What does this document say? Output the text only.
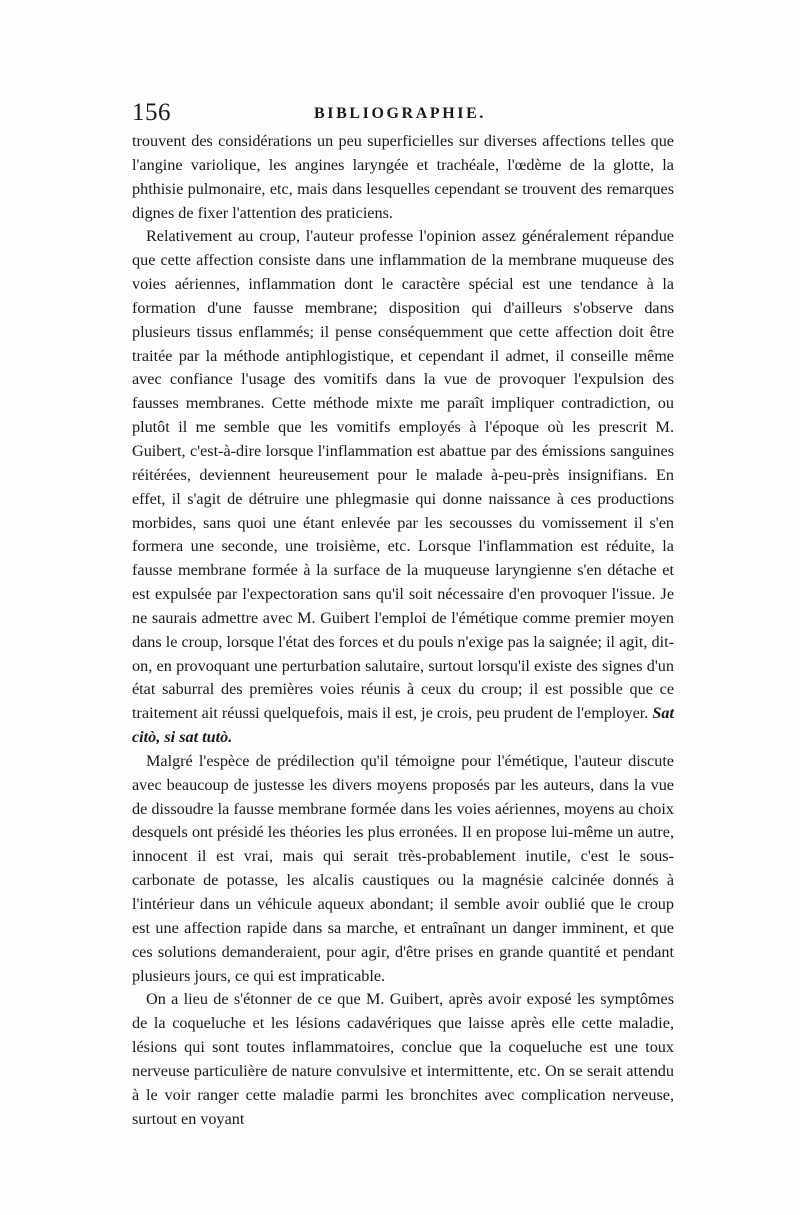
156	BIBLIOGRAPHIE.

trouvent des considérations un peu superficielles sur diverses affections telles que l'angine variolique, les angines laryngée et trachéale, l'œdème de la glotte, la phthisie pulmonaire, etc, mais dans lesquelles cependant se trouvent des remarques dignes de fixer l'attention des praticiens.

Relativement au croup, l'auteur professe l'opinion assez généralement répandue que cette affection consiste dans une inflammation de la membrane muqueuse des voies aériennes, inflammation dont le caractère spécial est une tendance à la formation d'une fausse membrane; disposition qui d'ailleurs s'observe dans plusieurs tissus enflammés; il pense conséquemment que cette affection doit être traitée par la méthode antiphlogistique, et cependant il admet, il conseille même avec confiance l'usage des vomitifs dans la vue de provoquer l'expulsion des fausses membranes. Cette méthode mixte me paraît impliquer contradiction, ou plutôt il me semble que les vomitifs employés à l'époque où les prescrit M. Guibert, c'est-à-dire lorsque l'inflammation est abattue par des émissions sanguines réitérées, deviennent heureusement pour le malade à-peu-près insignifians. En effet, il s'agit de détruire une phlegmasie qui donne naissance à ces productions morbides, sans quoi une étant enlevée par les secousses du vomissement il s'en formera une seconde, une troisième, etc. Lorsque l'inflammation est réduite, la fausse membrane formée à la surface de la muqueuse laryngienne s'en détache et est expulsée par l'expectoration sans qu'il soit nécessaire d'en provoquer l'issue. Je ne saurais admettre avec M. Guibert l'emploi de l'émétique comme premier moyen dans le croup, lorsque l'état des forces et du pouls n'exige pas la saignée; il agit, dit-on, en provoquant une perturbation salutaire, surtout lorsqu'il existe des signes d'un état saburral des premières voies réunis à ceux du croup; il est possible que ce traitement ait réussi quelquefois, mais il est, je crois, peu prudent de l'employer. Sat citò, si sat tutò.

Malgré l'espèce de prédilection qu'il témoigne pour l'émétique, l'auteur discute avec beaucoup de justesse les divers moyens proposés par les auteurs, dans la vue de dissoudre la fausse membrane formée dans les voies aériennes, moyens au choix desquels ont présidé les théories les plus erronées. Il en propose lui-même un autre, innocent il est vrai, mais qui serait très-probablement inutile, c'est le sous-carbonate de potasse, les alcalis caustiques ou la magnésie calcinée donnés à l'intérieur dans un véhicule aqueux abondant; il semble avoir oublié que le croup est une affection rapide dans sa marche, et entraînant un danger imminent, et que ces solutions demanderaient, pour agir, d'être prises en grande quantité et pendant plusieurs jours, ce qui est impraticable.

On a lieu de s'étonner de ce que M. Guibert, après avoir exposé les symptômes de la coqueluche et les lésions cadavériques que laisse après elle cette maladie, lésions qui sont toutes inflammatoires, conclue que la coqueluche est une toux nerveuse particulière de nature convulsive et intermittente, etc. On se serait attendu à le voir ranger cette maladie parmi les bronchites avec complication nerveuse, surtout en voyant
